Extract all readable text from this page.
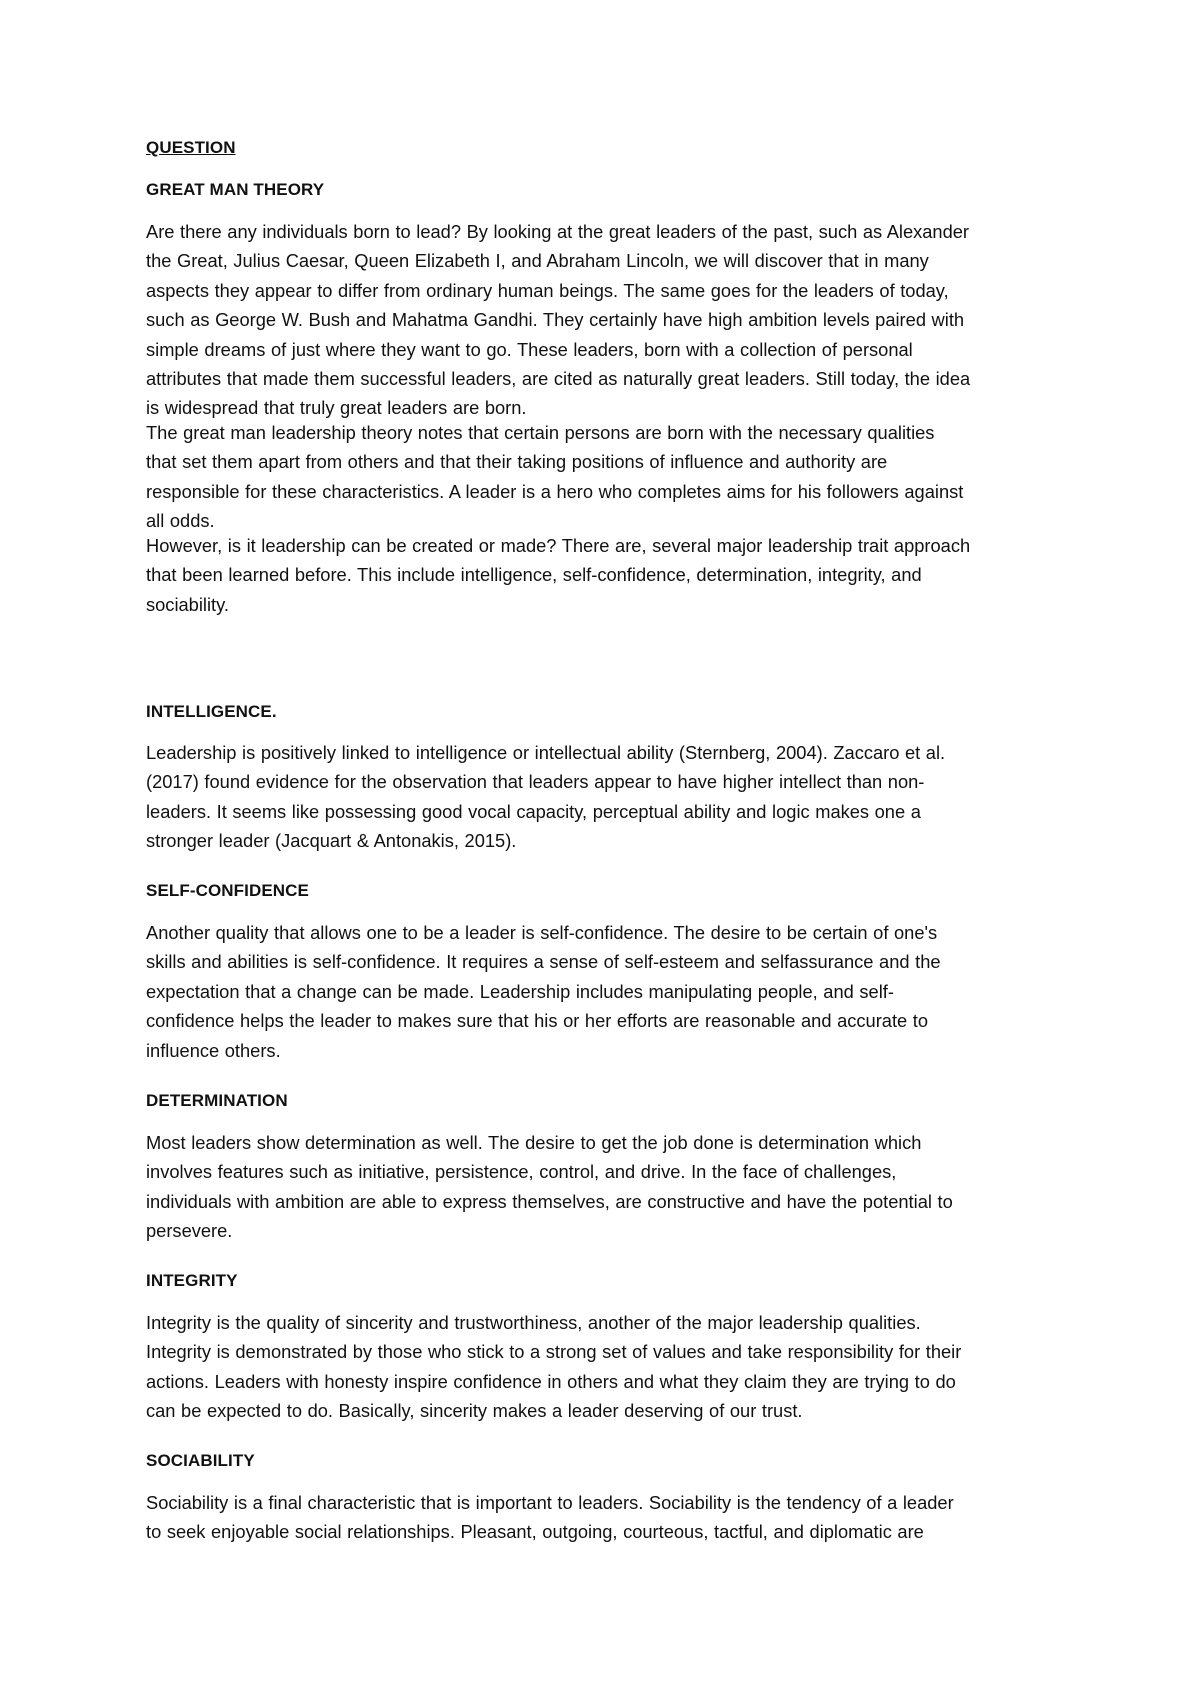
QUESTION
GREAT MAN THEORY
Are there any individuals born to lead? By looking at the great leaders of the past, such as Alexander
the Great, Julius Caesar, Queen Elizabeth I, and Abraham Lincoln, we will discover that in many
aspects they appear to differ from ordinary human beings. The same goes for the leaders of today,
such as George W. Bush and Mahatma Gandhi. They certainly have high ambition levels paired with
simple dreams of just where they want to go. These leaders, born with a collection of personal
attributes that made them successful leaders, are cited as naturally great leaders. Still today, the idea
is widespread that truly great leaders are born.
The great man leadership theory notes that certain persons are born with the necessary qualities
that set them apart from others and that their taking positions of influence and authority are
responsible for these characteristics. A leader is a hero who completes aims for his followers against
all odds.
However, is it leadership can be created or made? There are, several major leadership trait approach
that been learned before. This include intelligence, self-confidence, determination, integrity, and
sociability.
INTELLIGENCE.
Leadership is positively linked to intelligence or intellectual ability (Sternberg, 2004). Zaccaro et al.
(2017) found evidence for the observation that leaders appear to have higher intellect than non-
leaders. It seems like possessing good vocal capacity, perceptual ability and logic makes one a
stronger leader (Jacquart & Antonakis, 2015).
SELF-CONFIDENCE
Another quality that allows one to be a leader is self-confidence. The desire to be certain of one's
skills and abilities is self-confidence. It requires a sense of self-esteem and selfassurance and the
expectation that a change can be made. Leadership includes manipulating people, and self-
confidence helps the leader to makes sure that his or her efforts are reasonable and accurate to
influence others.
DETERMINATION
Most leaders show determination as well. The desire to get the job done is determination which
involves features such as initiative, persistence, control, and drive. In the face of challenges,
individuals with ambition are able to express themselves, are constructive and have the potential to
persevere.
INTEGRITY
Integrity is the quality of sincerity and trustworthiness, another of the major leadership qualities.
Integrity is demonstrated by those who stick to a strong set of values and take responsibility for their
actions. Leaders with honesty inspire confidence in others and what they claim they are trying to do
can be expected to do. Basically, sincerity makes a leader deserving of our trust.
SOCIABILITY
Sociability is a final characteristic that is important to leaders. Sociability is the tendency of a leader
to seek enjoyable social relationships. Pleasant, outgoing, courteous, tactful, and diplomatic are
